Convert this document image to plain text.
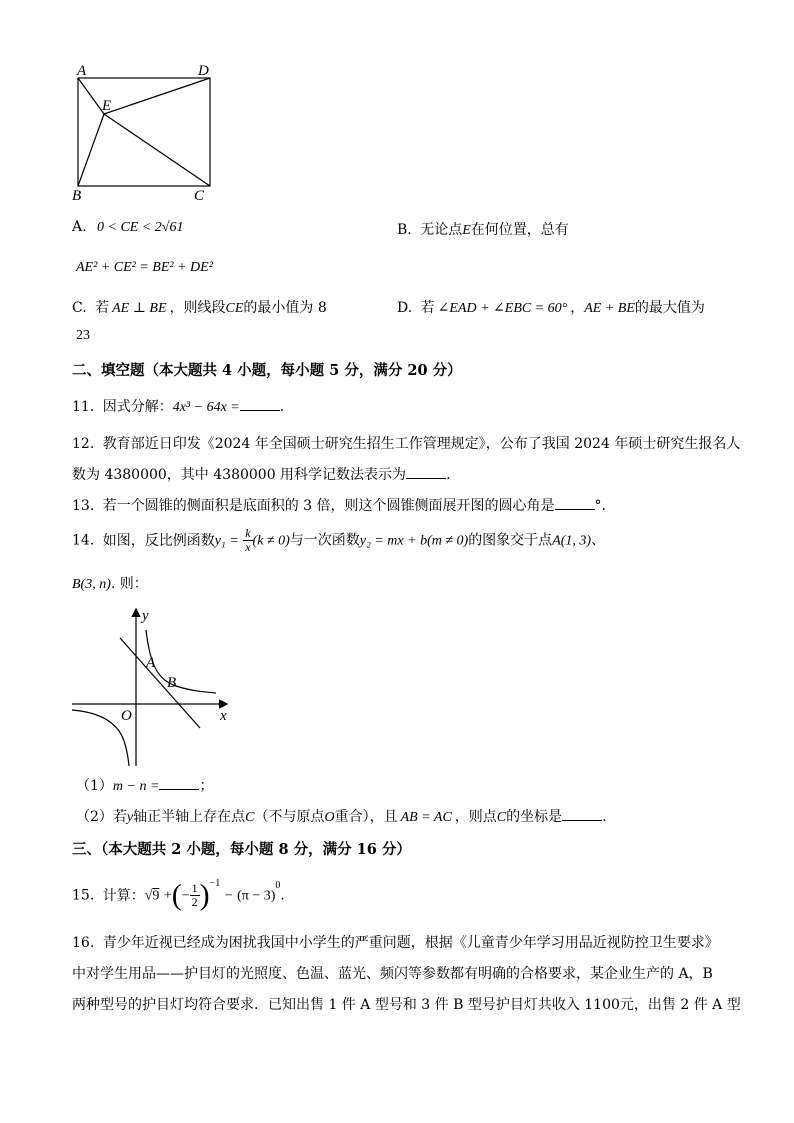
A	D
E
B	C
A. 0 < CE < 2√61	B. 无论点E在何位置，总有
AE² + CE² = BE² + DE²
C. 若 AE ⊥ BE ，则线段CE的最小值为 8	D. 若 ∠EAD + ∠EBC = 60° ，AE + BE的最大值为
23
二、填空题（本大题共 4 小题，每小题 5 分，满分 20 分）
11. 因式分解：4x³ − 64x =	.
12. 教育部近日印发《2024 年全国硕士研究生招生工作管理规定》，公布了我国 2024 年硕士研究生报名人
数为 4380000，其中 4380000 用科学记数法表示为	.
13. 若一个圆锥的侧面积是底面积的 3 倍，则这个圆锥侧面展开图的圆心角是	°.
14. 如图，反比例函数$y_1 = \frac{k}{x} (k \ne 0)$与一次函数y₂ = mx + b(m ≠ 0)的图象交于点A(1, 3)、
B(3, n). 则：
y
x
O
A
B
（1）m − n =	；
（2）若y轴正半轴上存在点C（不与原点O重合），且 AB = AC ，则点C的坐标是	.
三、（本大题共 2 小题，每小题 8 分，满分 16 分）
15. 计算：√9 +(− $\frac{1}{2} )^{-1} - (\pi - 3)^0$.
16. 青少年近视已经成为困扰我国中小学生的严重问题，根据《儿童青少年学习用品近视防控卫生要求》
中对学生用品——护目灯的光照度、色温、蓝光、频闪等参数都有明确的合格要求，某企业生产的 A，B
两种型号的护目灯均符合要求．已知出售 1 件 A 型号和 3 件 B 型号护目灯共收入 1100元，出售 2 件 A 型
